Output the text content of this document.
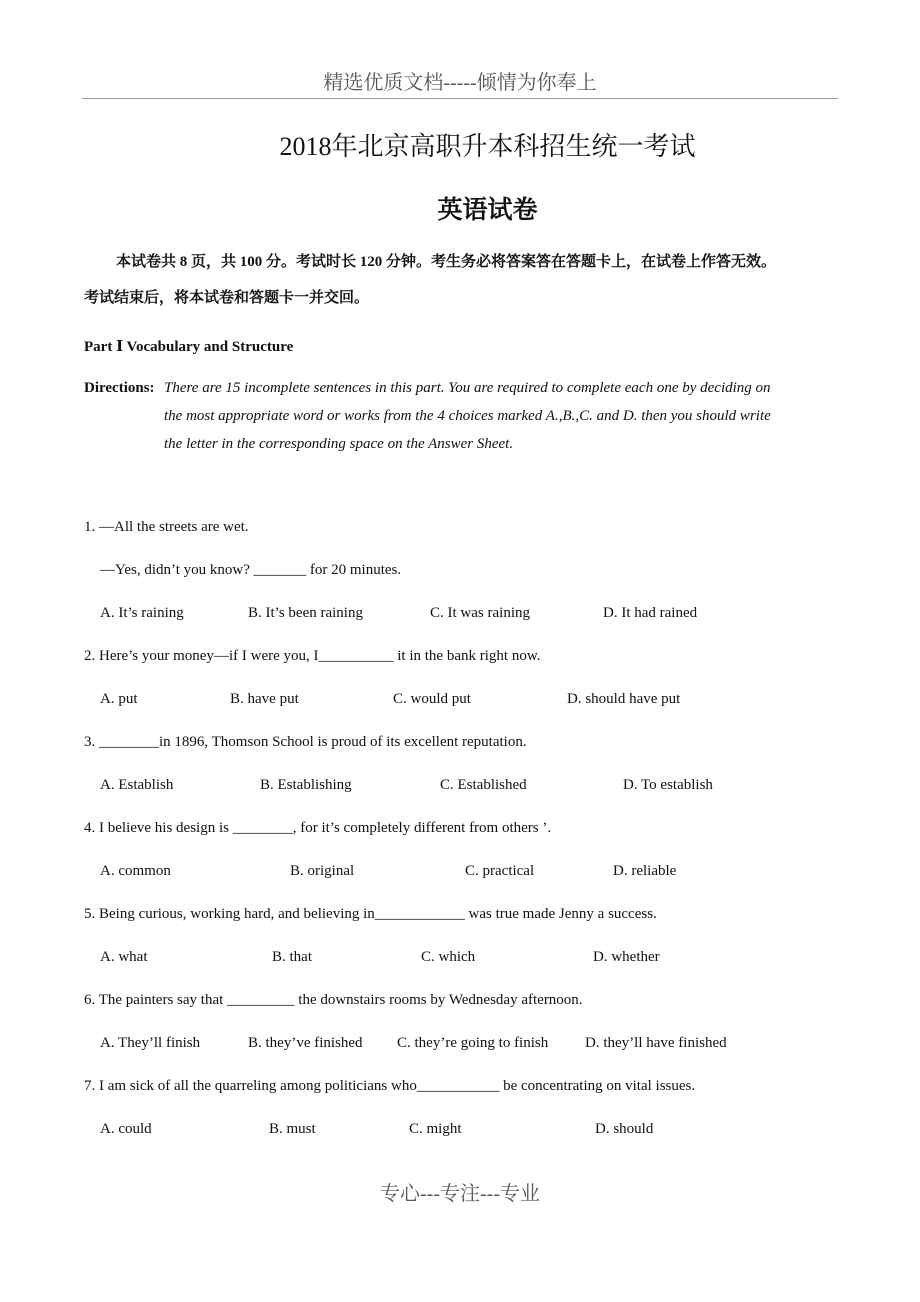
精选优质文档-----倾情为你奉上
2018年北京高职升本科招生统一考试
英语试卷
本试卷共 8 页，共 100 分。考试时长 120 分钟。考生务必将答案答在答题卡上，在试卷上作答无效。
考试结束后，将本试卷和答题卡一并交回。
Part Ⅰ Vocabulary and Structure
Directions: There are 15 incomplete sentences in this part. You are required to complete each one by deciding on
the most appropriate word or works from the 4 choices marked A.,B.,C. and D. then you should write
the letter in the corresponding space on the Answer Sheet.
1. —All the streets are wet.
—Yes, didn’t you know? _______ for 20 minutes.
A. It’s raining	B. It’s been raining	C. It was raining	D. It had rained
2. Here’s your money—if I were you, I__________ it in the bank right now.
A. put	B. have put	C. would put	D. should have put
3. ________in 1896, Thomson School is proud of its excellent reputation.
A. Establish	B. Establishing	C. Established	D. To establish
4. I believe his design is ________, for it’s completely different from others ’.
A. common	B. original	C. practical	D. reliable
5. Being curious, working hard, and believing in____________ was true made Jenny a success.
A. what	B. that	C. which	D. whether
6. The painters say that _________ the downstairs rooms by Wednesday afternoon.
A. They’ll finish	B. they’ve finished C. they’re going to finish D. they’ll have finished
7. I am sick of all the quarreling among politicians who___________ be concentrating on vital issues.
A. could	B. must	C. might	D. should
专心---专注---专业
